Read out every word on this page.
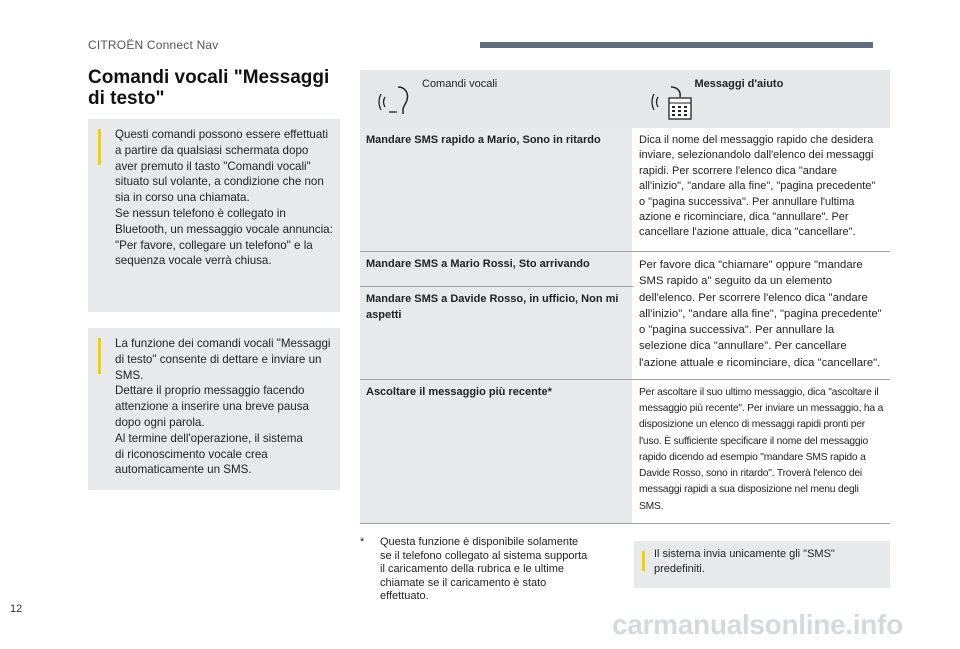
CITROËN Connect Nav
Comandi vocali "Messaggi di testo"
Questi comandi possono essere effettuati
a partire da qualsiasi schermata dopo
aver premuto il tasto "Comandi vocali"
situato sul volante, a condizione che non
sia in corso una chiamata.
Se nessun telefono è collegato in
Bluetooth, un messaggio vocale annuncia:
"Per favore, collegare un telefono" e la
sequenza vocale verrà chiusa.
La funzione dei comandi vocali "Messaggi
di testo" consente di dettare e inviare un
SMS.
Dettare il proprio messaggio facendo
attenzione a inserire una breve pausa
dopo ogni parola.
Al termine dell'operazione, il sistema
di riconoscimento vocale crea
automaticamente un SMS.
Comandi vocali	Messaggi d'aiuto

Mandare SMS rapido a Mario, Sono in ritardo	Dica il nome del messaggio rapido che desidera inviare, selezionandolo dall'elenco dei messaggi rapidi. Per scorrere l'elenco dica "andare all'inizio", "andare alla fine", "pagina precedente" o "pagina successiva". Per annullare l'ultima azione e ricominciare, dica "annullare". Per cancellare l'azione attuale, dica "cancellare".
Mandare SMS a Mario Rossi, Sto arrivando	Per favore dica "chiamare" oppure "mandare SMS rapido a" seguito da un elemento dell'elenco. Per scorrere l'elenco dica "andare all'inizio", "andare alla fine", "pagina precedente" o "pagina successiva". Per annullare la selezione dica "annullare". Per cancellare l'azione attuale e ricominciare, dica "cancellare".
Mandare SMS a Davide Rosso, in ufficio, Non mi aspetti	
Ascoltare il messaggio più recente*	Per ascoltare il suo ultimo messaggio, dica "ascoltare il messaggio più recente". Per inviare un messaggio, ha a disposizione un elenco di messaggi rapidi pronti per l'uso. È sufficiente specificare il nome del messaggio rapido dicendo ad esempio "mandare SMS rapido a Davide Rosso, sono in ritardo". Troverà l'elenco dei messaggi rapidi a sua disposizione nel menu degli SMS.
* Questa funzione è disponibile solamente
se il telefono collegato al sistema supporta
il caricamento della rubrica e le ultime
chiamate se il caricamento è stato
effettuato.
Il sistema invia unicamente gli "SMS"
predefiniti.
12	carmanualsonline.info
